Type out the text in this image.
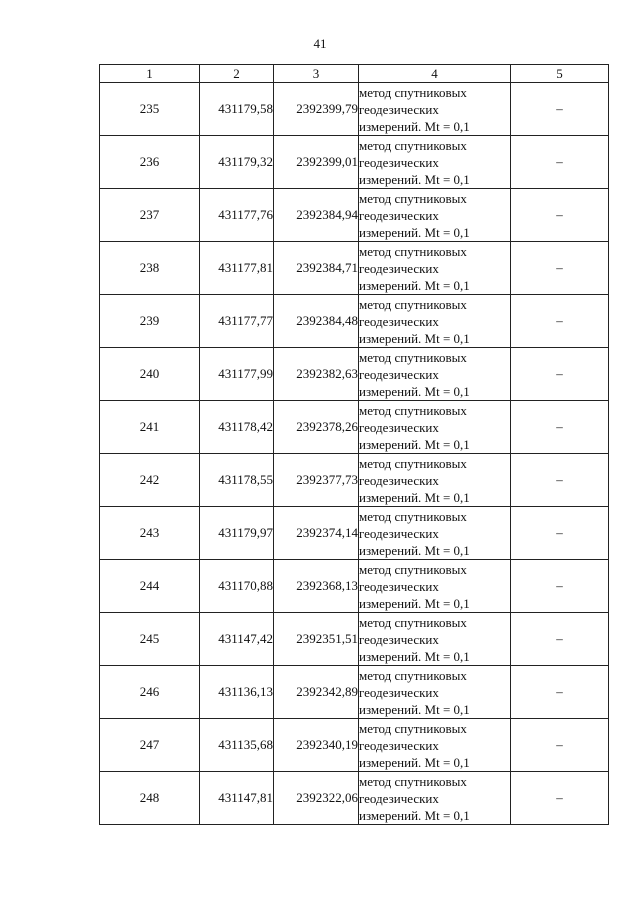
41
1	2	3	4	5
235	431179,58	2392399,79	метод спутниковых
геодезических
измерений. Mt = 0,1	–
236	431179,32	2392399,01	метод спутниковых
геодезических
измерений. Mt = 0,1	–
237	431177,76	2392384,94	метод спутниковых
геодезических
измерений. Mt = 0,1	–
238	431177,81	2392384,71	метод спутниковых
геодезических
измерений. Mt = 0,1	–
239	431177,77	2392384,48	метод спутниковых
геодезических
измерений. Mt = 0,1	–
240	431177,99	2392382,63	метод спутниковых
геодезических
измерений. Mt = 0,1	–
241	431178,42	2392378,26	метод спутниковых
геодезических
измерений. Mt = 0,1	–
242	431178,55	2392377,73	метод спутниковых
геодезических
измерений. Mt = 0,1	–
243	431179,97	2392374,14	метод спутниковых
геодезических
измерений. Mt = 0,1	–
244	431170,88	2392368,13	метод спутниковых
геодезических
измерений. Mt = 0,1	–
245	431147,42	2392351,51	метод спутниковых
геодезических
измерений. Mt = 0,1	–
246	431136,13	2392342,89	метод спутниковых
геодезических
измерений. Mt = 0,1	–
247	431135,68	2392340,19	метод спутниковых
геодезических
измерений. Mt = 0,1	–
248	431147,81	2392322,06	метод спутниковых
геодезических
измерений. Mt = 0,1	–
